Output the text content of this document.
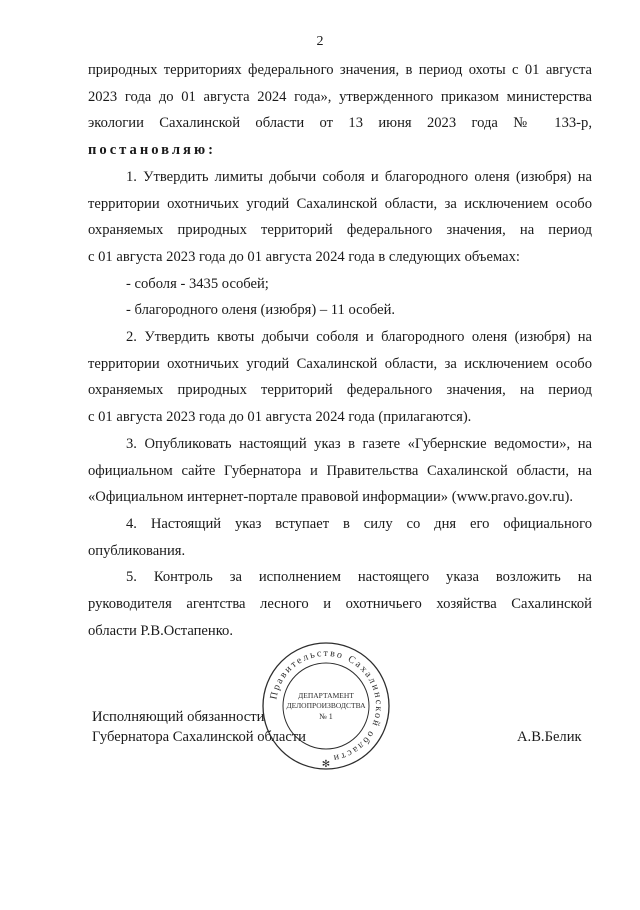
2

природных территориях федерального значения, в период охоты с 01 августа

2023 года до 01 августа 2024 года», утвержденного приказом министерства

экологии Сахалинской области от 13 июня 2023 года № 133-р,

постановляю:

1. Утвердить лимиты добычи соболя и благородного оленя (изюбря) на

территории охотничьих угодий Сахалинской области, за исключением особо

охраняемых природных территорий федерального значения, на период

с 01 августа 2023 года до 01 августа 2024 года в следующих объемах:

- соболя - 3435 особей;

- благородного оленя (изюбря) – 11 особей.

2. Утвердить квоты добычи соболя и благородного оленя (изюбря) на

территории охотничьих угодий Сахалинской области, за исключением особо

охраняемых природных территорий федерального значения, на период

с 01 августа 2023 года до 01 августа 2024 года (прилагаются).

3. Опубликовать настоящий указ в газете «Губернские ведомости», на

официальном сайте Губернатора и Правительства Сахалинской области, на

«Официальном интернет-портале правовой информации» (www.pravo.gov.ru).

4. Настоящий указ вступает в силу со дня его официального

опубликования.

5. Контроль за исполнением настоящего указа возложить на

руководителя агентства лесного и охотничьего хозяйства Сахалинской

области Р.В.Остапенко.

Исполняющий обязанности
Губернатора Сахалинской области	А.В.Белик
Правительство Сахалинской области
ДЕПАРТАМЕНТ
ДЕЛОПРОИЗВОДСТВА
№ 1
✻
